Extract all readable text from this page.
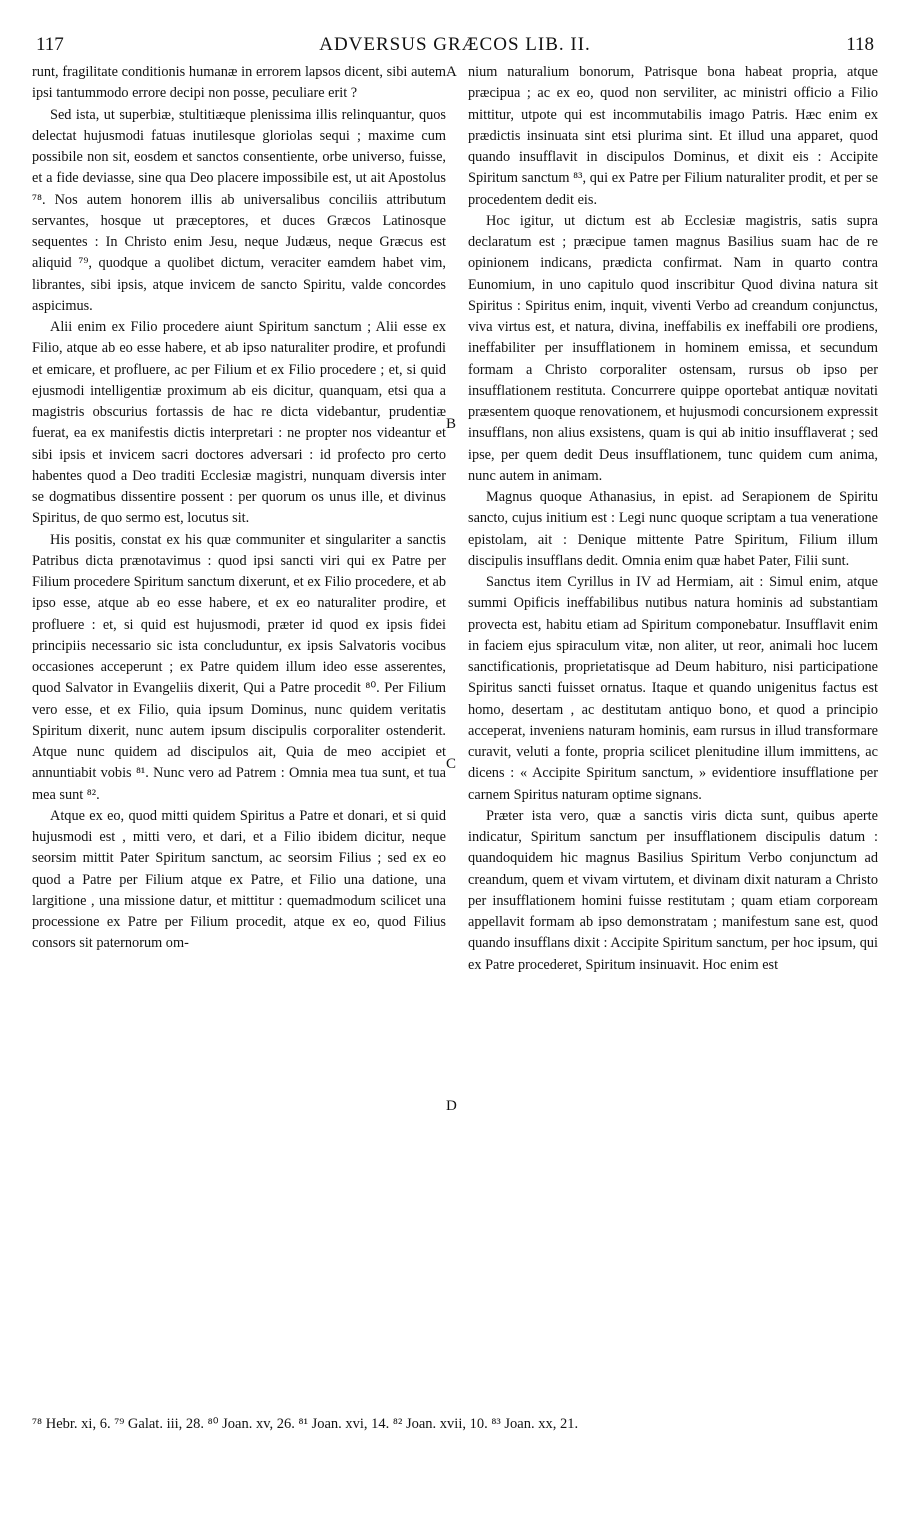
117	ADVERSUS GRÆCOS LIB. II.	118

runt, fragilitate conditionis humanæ in errorem lapsos dicent, sibi autem ipsi tantummodo errore decipi non posse, peculiare erit ?

Sed ista, ut superbiæ, stultitiæque plenissima illis relinquantur, quos delectat hujusmodi fatuas inutilesque gloriolas sequi ; maxime cum possibile non sit, eosdem et sanctos consentiente, orbe universo, fuisse, et a fide deviasse, sine qua Deo placere impossibile est, ut ait Apostolus ⁷⁸. Nos autem honorem illis ab universalibus conciliis attributum servantes, hosque ut præceptores, et duces Græcos Latinosque sequentes : In Christo enim Jesu, neque Judæus, neque Græcus est aliquid ⁷⁹, quodque a quolibet dictum, veraciter eamdem habet vim, librantes, sibi ipsis, atque invicem de sancto Spiritu, valde concordes aspicimus.

Alii enim ex Filio procedere aiunt Spiritum sanctum ; Alii esse ex Filio, atque ab eo esse habere, et ab ipso naturaliter prodire, et profundi et emicare, et profluere, ac per Filium et ex Filio procedere ; et, si quid ejusmodi intelligentiæ proximum ab eis dicitur, quanquam, etsi qua a magistris obscurius fortassis de hac re dicta videbantur, prudentiæ fuerat, ea ex manifestis dictis interpretari : ne propter nos videantur et sibi ipsis et invicem sacri doctores adversari : id profecto pro certo habentes quod a Deo traditi Ecclesiæ magistri, nunquam diversis inter se dogmatibus dissentire possent : per quorum os unus ille, et divinus Spiritus, de quo sermo est, locutus sit.

His positis, constat ex his quæ communiter et singulariter a sanctis Patribus dicta prænotavimus : quod ipsi sancti viri qui ex Patre per Filium procedere Spiritum sanctum dixerunt, et ex Filio procedere, et ab ipso esse, atque ab eo esse habere, et ex eo naturaliter prodire, et profluere : et, si quid est hujusmodi, præter id quod ex ipsis fidei principiis necessario sic ista concluduntur, ex ipsis Salvatoris vocibus occasiones acceperunt ; ex Patre quidem illum ideo esse asserentes, quod Salvator in Evangeliis dixerit, Qui a Patre procedit ⁸⁰. Per Filium vero esse, et ex Filio, quia ipsum Dominus, nunc quidem veritatis Spiritum dixerit, nunc autem ipsum discipulis corporaliter ostenderit. Atque nunc quidem ad discipulos ait, Quia de meo accipiet et annuntiabit vobis ⁸¹. Nunc vero ad Patrem : Omnia mea tua sunt, et tua mea sunt ⁸².

Atque ex eo, quod mitti quidem Spiritus a Patre et donari, et si quid hujusmodi est , mitti vero, et dari, et a Filio ibidem dicitur, neque seorsim mittit Pater Spiritum sanctum, ac seorsim Filius ; sed ex eo quod a Patre per Filium atque ex Patre, et Filio una datione, una largitione , una missione datur, et mittitur : quemadmodum scilicet una processione ex Patre per Filium procedit, atque ex eo, quod Filius consors sit paternorum om-

A
B
C
D

nium naturalium bonorum, Patrisque bona habeat propria, atque præcipua ; ac ex eo, quod non serviliter, ac ministri officio a Filio mittitur, utpote qui est incommutabilis imago Patris. Hæc enim ex prædictis insinuata sint etsi plurima sint. Et illud una apparet, quod quando insufflavit in discipulos Dominus, et dixit eis : Accipite Spiritum sanctum ⁸³, qui ex Patre per Filium naturaliter prodit, et per se procedentem dedit eis.

Hoc igitur, ut dictum est ab Ecclesiæ magistris, satis supra declaratum est ; præcipue tamen magnus Basilius suam hac de re opinionem indicans, prædicta confirmat. Nam in quarto contra Eunomium, in uno capitulo quod inscribitur Quod divina natura sit Spiritus : Spiritus enim, inquit, viventi Verbo ad creandum conjunctus, viva virtus est, et natura, divina, ineffabilis ex ineffabili ore prodiens, ineffabiliter per insufflationem in hominem emissa, et secundum formam a Christo corporaliter ostensam, rursus ob ipso per insufflationem restituta. Concurrere quippe oportebat antiquæ novitati præsentem quoque renovationem, et hujusmodi concursionem expressit insufflans, non alius exsistens, quam is qui ab initio insufflaverat ; sed ipse, per quem dedit Deus insufflationem, tunc quidem cum anima, nunc autem in animam.

Magnus quoque Athanasius, in epist. ad Serapionem de Spiritu sancto, cujus initium est : Legi nunc quoque scriptam a tua veneratione epistolam, ait : Denique mittente Patre Spiritum, Filium illum discipulis insufflans dedit. Omnia enim quæ habet Pater, Filii sunt.

Sanctus item Cyrillus in IV ad Hermiam, ait : Simul enim, atque summi Opificis ineffabilibus nutibus natura hominis ad substantiam provecta est, habitu etiam ad Spiritum componebatur. Insufflavit enim in faciem ejus spiraculum vitæ, non aliter, ut reor, animali hoc lucem sanctificationis, proprietatisque ad Deum habituro, nisi participatione Spiritus sancti fuisset ornatus. Itaque et quando unigenitus factus est homo, desertam , ac destitutam antiquo bono, et quod a principio acceperat, inveniens naturam hominis, eam rursus in illud transformare curavit, veluti a fonte, propria scilicet plenitudine illum immittens, ac dicens : « Accipite Spiritum sanctum, » evidentiore insufflatione per carnem Spiritus naturam optime signans.

Præter ista vero, quæ a sanctis viris dicta sunt, quibus aperte indicatur, Spiritum sanctum per insufflationem discipulis datum : quandoquidem hic magnus Basilius Spiritum Verbo conjunctum ad creandum, quem et vivam virtutem, et divinam dixit naturam a Christo per insufflationem homini fuisse restitutam ; quam etiam corpoream appellavit formam ab ipso demonstratam ; manifestum sane est, quod quando insufflans dixit : Accipite Spiritum sanctum, per hoc ipsum, qui ex Patre procederet, Spiritum insinuavit. Hoc enim est

⁷⁸ Hebr. xi, 6. ⁷⁹ Galat. iii, 28. ⁸⁰ Joan. xv, 26. ⁸¹ Joan. xvi, 14. ⁸² Joan. xvii, 10. ⁸³ Joan. xx, 21.
